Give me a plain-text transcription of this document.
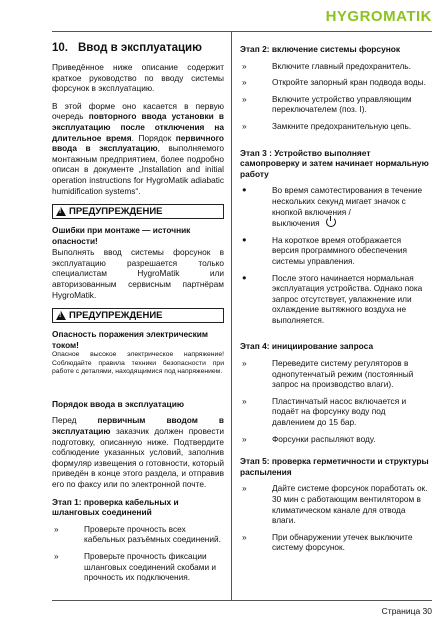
HYGRO MATIK
10. Ввод в эксплуатацию

Приведённое ниже описание содержит краткое руководство по вводу системы форсунок в эксплуатацию.

В этой форме оно касается в первую очередь повторного ввода установки в эксплуатацию после отключения на длительное время. Порядок первичного ввода в эксплуатацию, выполняемого монтажным предприятием, более подробно описан в документе „Installation and initial operation instructions for HygroMatik adiabatic humidification systems“.

!
ПРЕДУПРЕЖДЕНИЕ
Ошибки при монтаже — источник опасности!

Выполнять ввод системы форсунок в эксплуатацию разрешается только специалистам HygroMatik или авторизованным сервисным партнёрам HygroMatik.

!
ПРЕДУПРЕЖДЕНИЕ
Опасность поражения электрическим током!

Опасное высокое электрическое напряжение! Соблюдайте правила техники безопасности при работе с деталями, находящимися под напряжением.

Порядок ввода в эксплуатацию

Перед первичным вводом в эксплуатацию заказчик должен провести подготовку, описанную ниже. Подтвердите соблюдение указанных условий, заполнив формуляр извещения о готовности, который приведён в конце этого раздела, и отправив его по факсу или по электронной почте.

Этап 1: проверка кабельных и шланговых соединений
»	Проверьте прочность всех кабельных разъёмных соединений.
»	Проверьте прочность фиксации шланговых соединений скобами и прочность их подключения.
Этап 2: включение системы форсунок
»	Включите главный предохранитель.
»	Откройте запорный кран подвода воды.
»	Включите устройство управляющим переключателем (поз. I).
»	Замкните предохранительную цепь.
Этап 3 : Устройство выполняет самопроверку и затем начинает нормальную работу
●	Во время самотестирования в течение нескольких секунд мигает значок с кнопкой включения /
выключения
●	На короткое время отображается версия программного обеспечения системы управления.
●	После этого начинается нормальная эксплуатация устройства. Однако пока запрос отсутствует, увлажнение или охлаждение вытяжного воздуха не выполняется.
Этап 4: инициирование запроса
»	Переведите систему регуляторов в однопутенчатый режим (постоянный запрос на производство влаги).
»	Пластинчатый насос включается и подаёт на форсунку воду под давлением до 15 бар.
»	Форсунки распыляют воду.
Этап 5: проверка герметичности и структуры распыления
»	Дайте системе форсунок поработать ок. 30 мин с работающим вентилятором в климатическом канале для отвода влаги.
»	При обнаружении утечек выключите систему форсунок.
Страница 30
